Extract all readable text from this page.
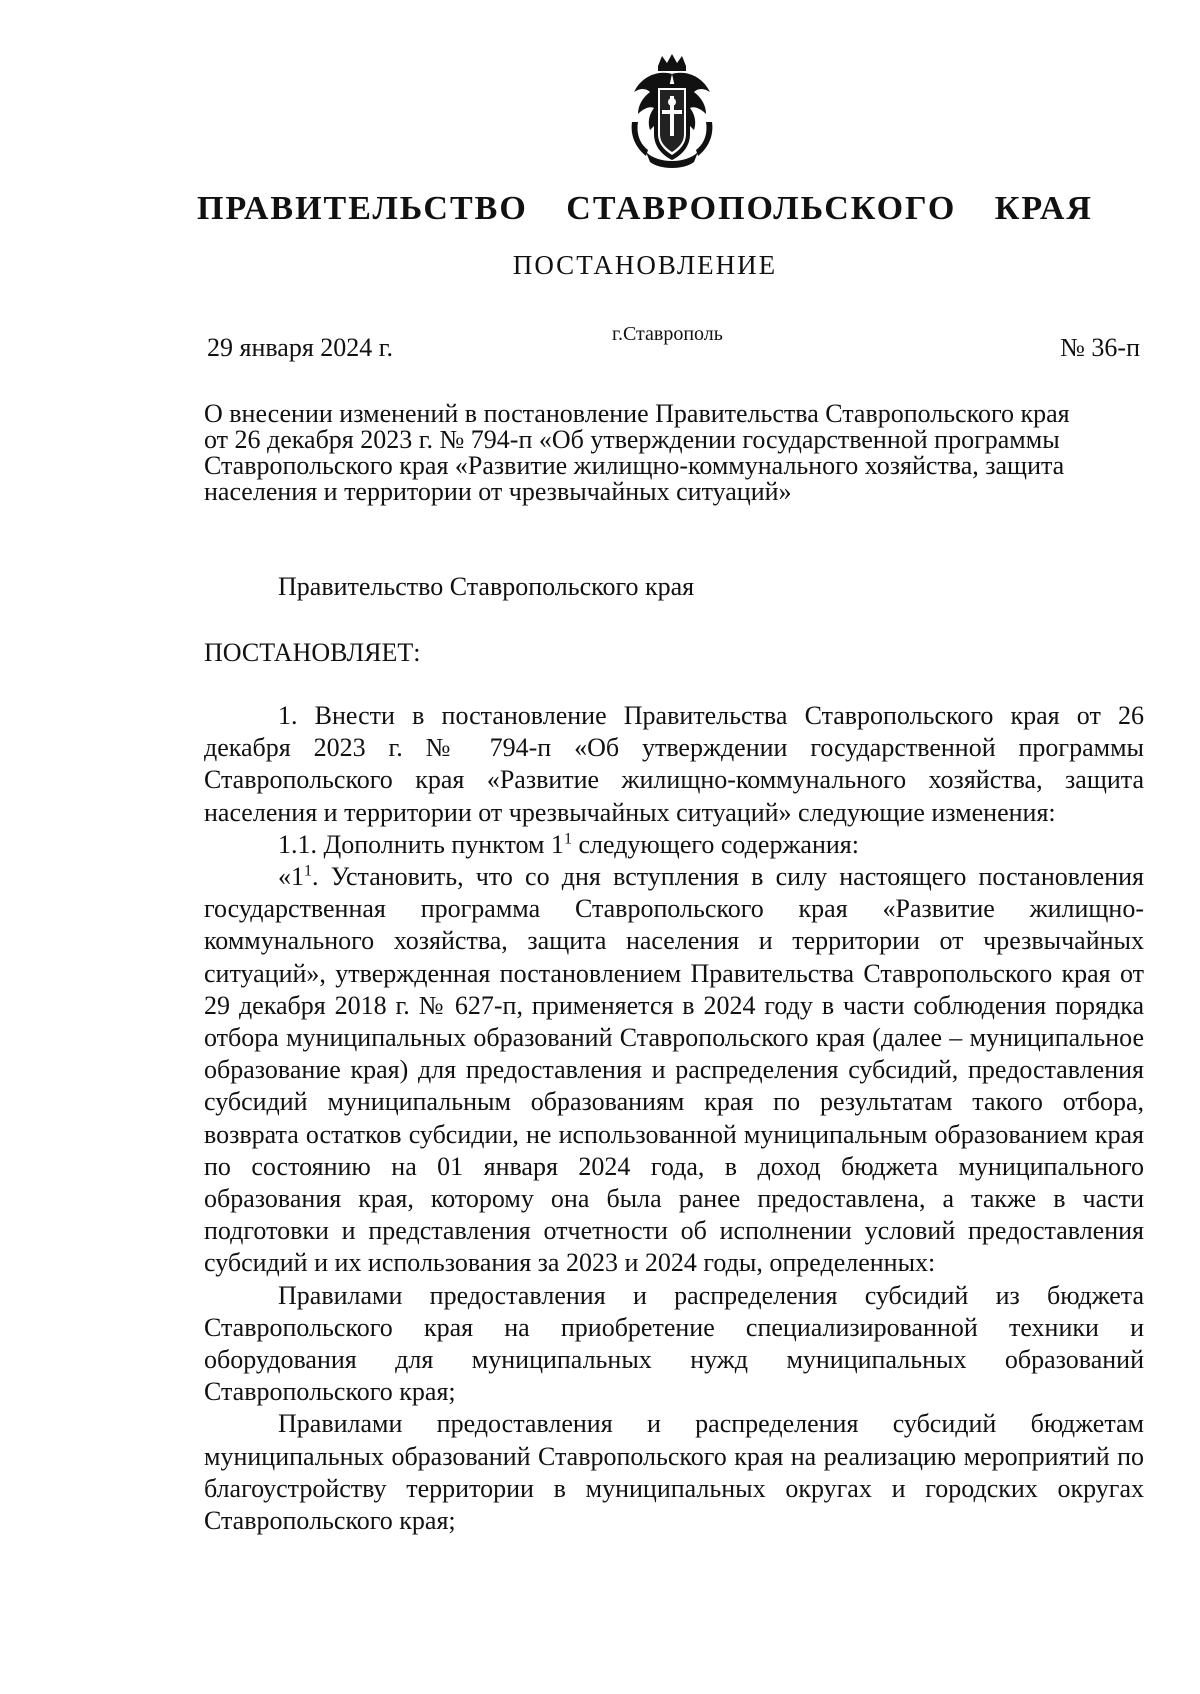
ПРАВИТЕЛЬСТВО СТАВРОПОЛЬСКОГО КРАЯ
ПОСТАНОВЛЕНИЕ
29 января 2024 г.	г.Ставрополь	№ 36-п
О внесении изменений в постановление Правительства Ставропольского края
от 26 декабря 2023 г. № 794-п «Об утверждении государственной программы
Ставропольского края «Развитие жилищно-коммунального хозяйства, защита
населения и территории от чрезвычайных ситуаций»
Правительство Ставропольского края
ПОСТАНОВЛЯЕТ:

1. Внести в постановление Правительства Ставропольского края от 26 декабря 2023 г. № 794-п «Об утверждении государственной программы Ставропольского края «Развитие жилищно-коммунального хозяйства, защита населения и территории от чрезвычайных ситуаций» следующие изменения:

1.1. Дополнить пунктом $1^1$ следующего содержания:

«$1^1$. Установить, что со дня вступления в силу настоящего постановления государственная программа Ставропольского края «Развитие жилищно-коммунального хозяйства, защита населения и территории от чрезвычайных ситуаций», утвержденная постановлением Правительства Ставропольского края от 29 декабря 2018 г. № 627-п, применяется в 2024 году в части соблюдения порядка отбора муниципальных образований Ставропольского края (далее – муниципальное образование края) для предоставления и распределения субсидий, предоставления субсидий муниципальным образованиям края по результатам такого отбора, возврата остатков субсидии, не использованной муниципальным образованием края по состоянию на 01 января 2024 года, в доход бюджета муниципального образования края, которому она была ранее предоставлена, а также в части подготовки и представления отчетности об исполнении условий предоставления субсидий и их использования за 2023 и 2024 годы, определенных:

Правилами предоставления и распределения субсидий из бюджета Ставропольского края на приобретение специализированной техники и оборудования для муниципальных нужд муниципальных образований Ставропольского края;

Правилами предоставления и распределения субсидий бюджетам муниципальных образований Ставропольского края на реализацию мероприятий по благоустройству территории в муниципальных округах и городских округах Ставропольского края;
